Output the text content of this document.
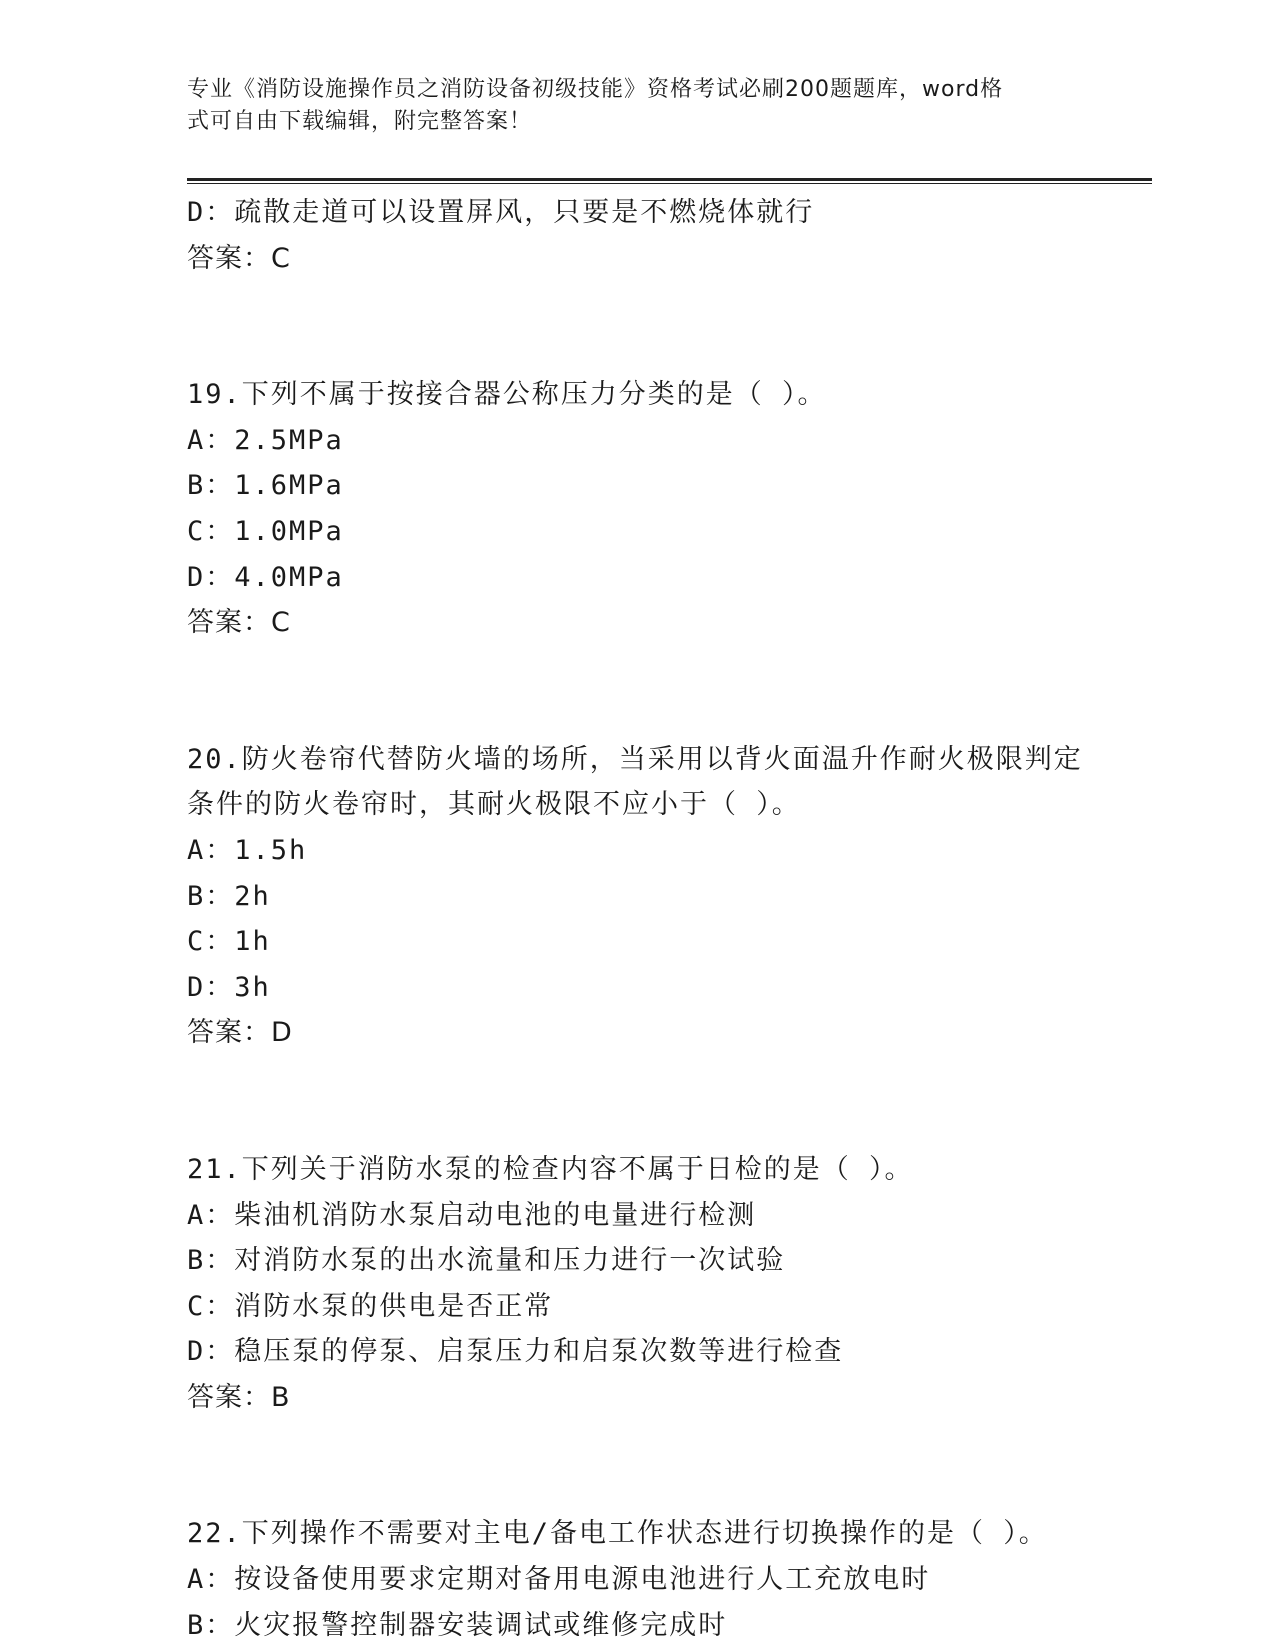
专业《消防设施操作员之消防设备初级技能》资格考试必刷200题题库，word格
式可自由下载编辑，附完整答案！
D：疏散走道可以设置屏风，只要是不燃烧体就行
答案：C
19.下列不属于按接合器公称压力分类的是（ ）。
A：2.5MPa
B：1.6MPa
C：1.0MPa
D：4.0MPa
答案：C
20.防火卷帘代替防火墙的场所，当采用以背火面温升作耐火极限判定
条件的防火卷帘时，其耐火极限不应小于（ ）。
A：1.5h
B：2h
C：1h
D：3h
答案：D
21.下列关于消防水泵的检查内容不属于日检的是（ ）。
A：柴油机消防水泵启动电池的电量进行检测
B：对消防水泵的出水流量和压力进行一次试验
C：消防水泵的供电是否正常
D：稳压泵的停泵、启泵压力和启泵次数等进行检查
答案：B
22.下列操作不需要对主电/备电工作状态进行切换操作的是（ ）。
A：按设备使用要求定期对备用电源电池进行人工充放电时
B：火灾报警控制器安装调试或维修完成时
